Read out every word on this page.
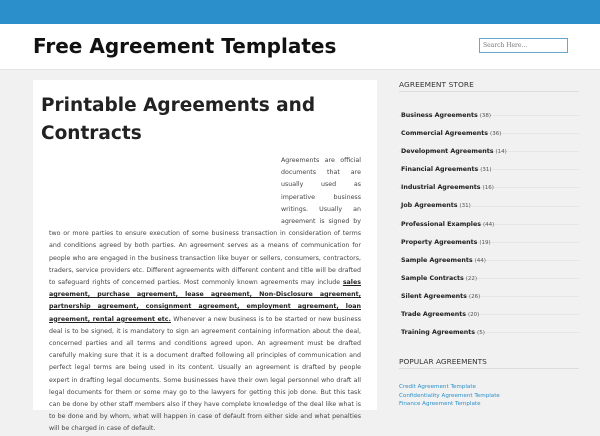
Free Agreement Templates
Search Here...
Printable Agreements and Contracts
Agreements are official documents that are usually used as imperative business writings. Usually an agreement is signed by two or more parties to ensure execution of some business transaction in consideration of terms and conditions agreed by both parties. An agreement serves as a means of communication for people who are engaged in the business transaction like buyer or sellers, consumers, contractors, traders, service providers etc. Different agreements with different content and title will be drafted to safeguard rights of concerned parties. Most commonly known agreements may include sales agreement, purchase agreement, lease agreement, Non-Disclosure agreement, partnership agreement, consignment agreement, employment agreement, loan agreement, rental agreement etc. Whenever a new business is to be started or new business deal is to be signed, it is mandatory to sign an agreement containing information about the deal, concerned parties and all terms and conditions agreed upon. An agreement must be drafted carefully making sure that it is a document drafted following all principles of communication and perfect legal terms are being used in its content. Usually an agreement is drafted by people expert in drafting legal documents. Some businesses have their own legal personnel who draft all legal documents for them or some may go to the lawyers for getting this job done. But this task can be done by other staff members also if they have complete knowledge of the deal like what is to be done and by whom, what will happen in case of default from either side and what penalties will be charged in case of default.
AGREEMENT STORE
Business Agreements (38)
Commercial Agreements (36)
Development Agreements (14)
Financial Agreements (31)
Industrial Agreements (16)
Job Agreements (31)
Professional Examples (44)
Property Agreements (19)
Sample Agreements (44)
Sample Contracts (22)
Silent Agreements (26)
Trade Agreements (20)
Training Agreements (5)
POPULAR AGREEMENTS
Credit Agreement Template
Confidentiality Agreement Template
Finance Agreement Template
